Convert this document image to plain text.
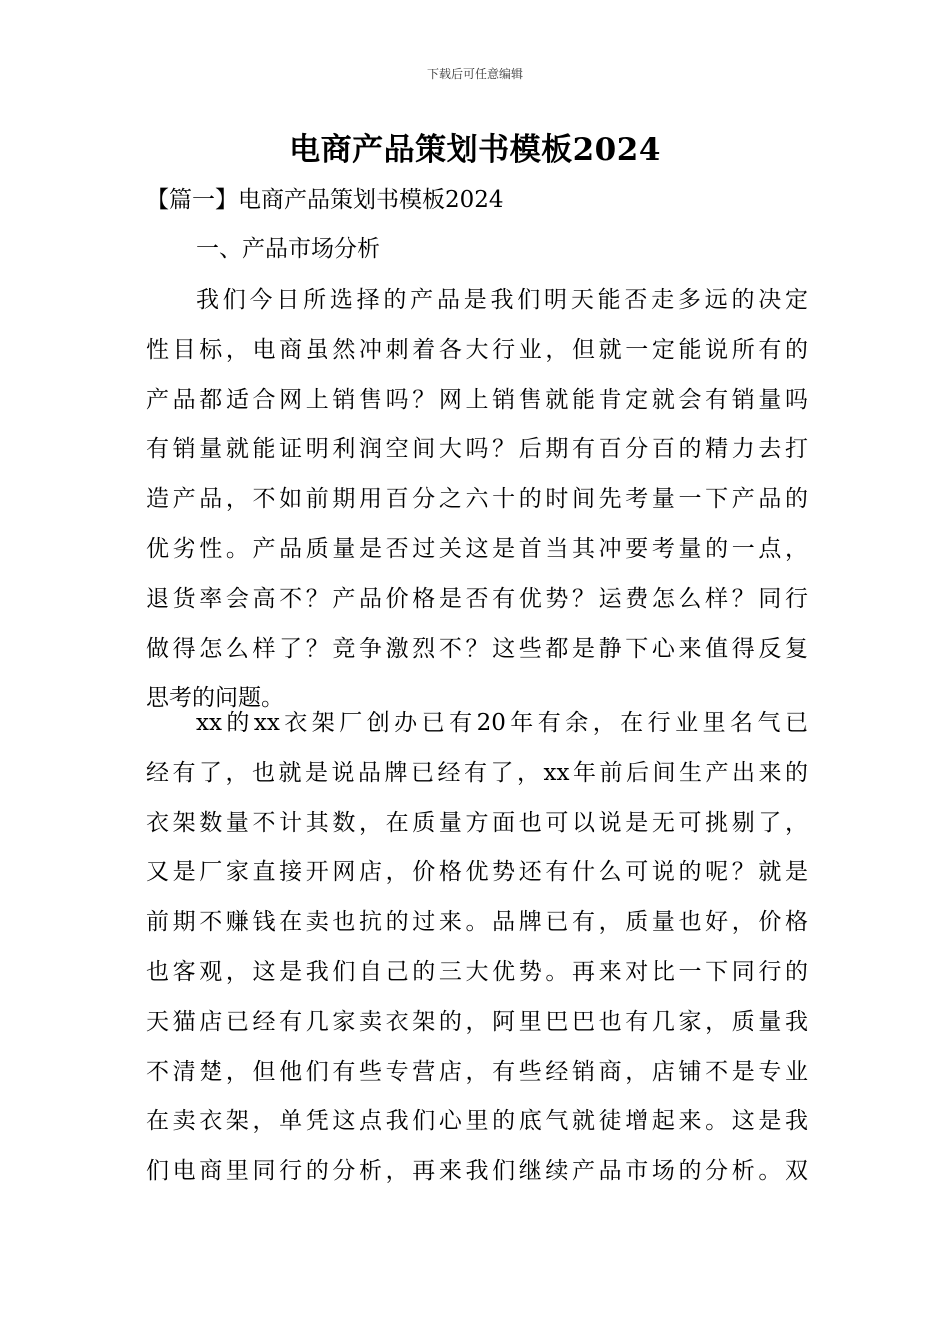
下载后可任意编辑
电商产品策划书模板2024
【篇一】电商产品策划书模板2024
一、产品市场分析
我们今日所选择的产品是我们明天能否走多远的决定
性目标，电商虽然冲刺着各大行业，但就一定能说所有的
产品都适合网上销售吗？网上销售就能肯定就会有销量吗
有销量就能证明利润空间大吗？后期有百分百的精力去打
造产品，不如前期用百分之六十的时间先考量一下产品的
优劣性。产品质量是否过关这是首当其冲要考量的一点，
退货率会高不？产品价格是否有优势？运费怎么样？同行
做得怎么样了？竞争激烈不？这些都是静下心来值得反复
思考的问题。
xx的xx衣架厂创办已有20年有余，在行业里名气已
经有了，也就是说品牌已经有了，xx年前后间生产出来的
衣架数量不计其数，在质量方面也可以说是无可挑剔了，
又是厂家直接开网店，价格优势还有什么可说的呢？就是
前期不赚钱在卖也抗的过来。品牌已有，质量也好，价格
也客观，这是我们自己的三大优势。再来对比一下同行的
天猫店已经有几家卖衣架的，阿里巴巴也有几家，质量我
不清楚，但他们有些专营店，有些经销商，店铺不是专业
在卖衣架，单凭这点我们心里的底气就徒增起来。这是我
们电商里同行的分析，再来我们继续产品市场的分析。双
